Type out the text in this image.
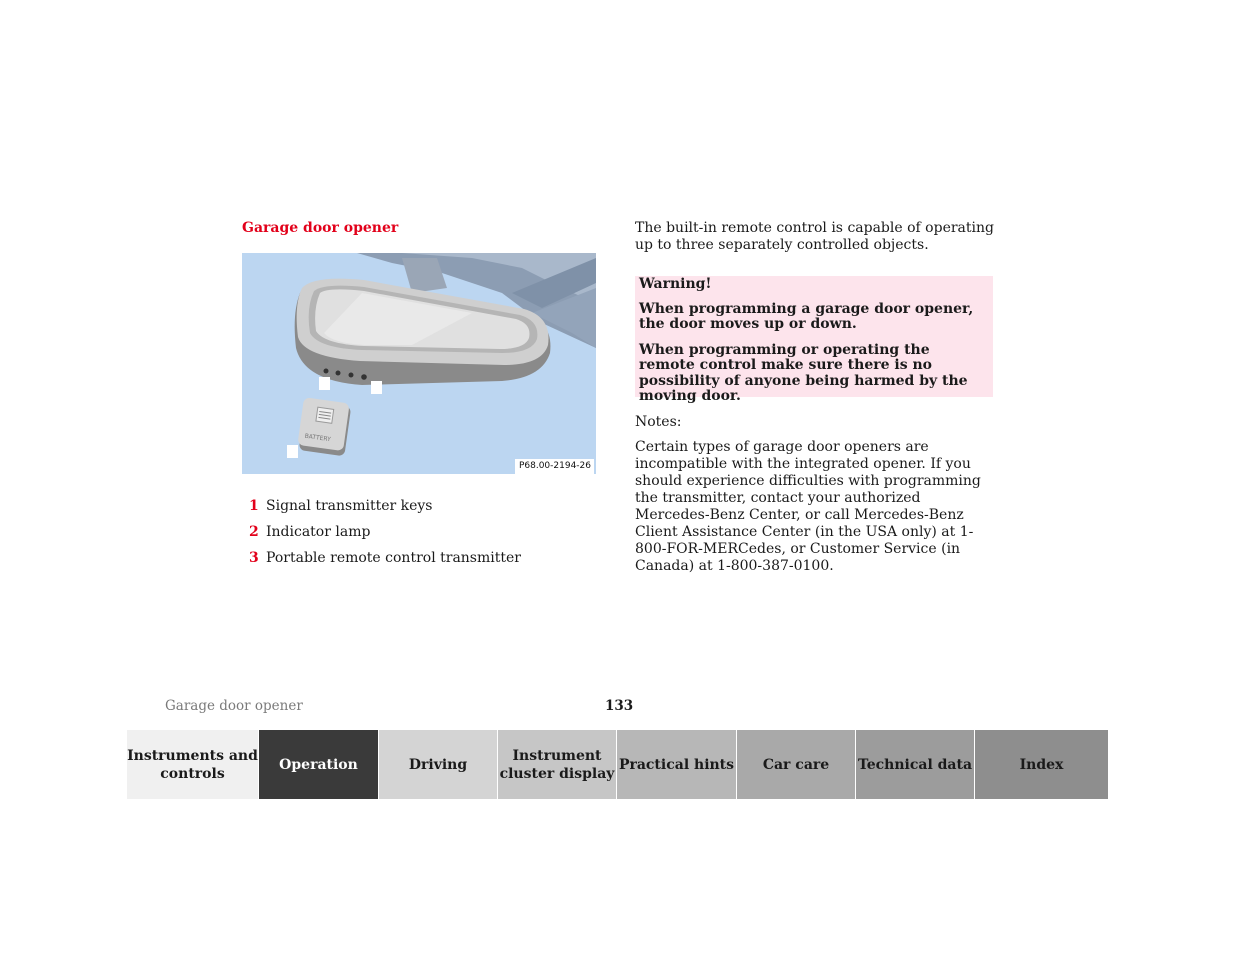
Garage door opener
BATTERY
P68.00-2194-26
1 Signal transmitter keys
2 Indicator lamp
3 Portable remote control transmitter
The built-in remote control is capable of operating up to three separately controlled objects.

Warning!

When programming a garage door opener, the door moves up or down.

When programming or operating the remote control make sure there is no possibility of anyone being harmed by the moving door.

Notes:
Certain types of garage door openers are incompatible with the integrated opener. If you should experience difficulties with programming the transmitter, contact your authorized Mercedes-Benz Center, or call Mercedes-Benz Client Assistance Center (in the USA only) at 1-800-FOR-MERCedes, or Customer Service (in Canada) at 1-800-387-0100.
Garage door opener	133
Instruments and controls
Operation	Driving
Instrument cluster display
Practical hints Car care Technical data	Index
